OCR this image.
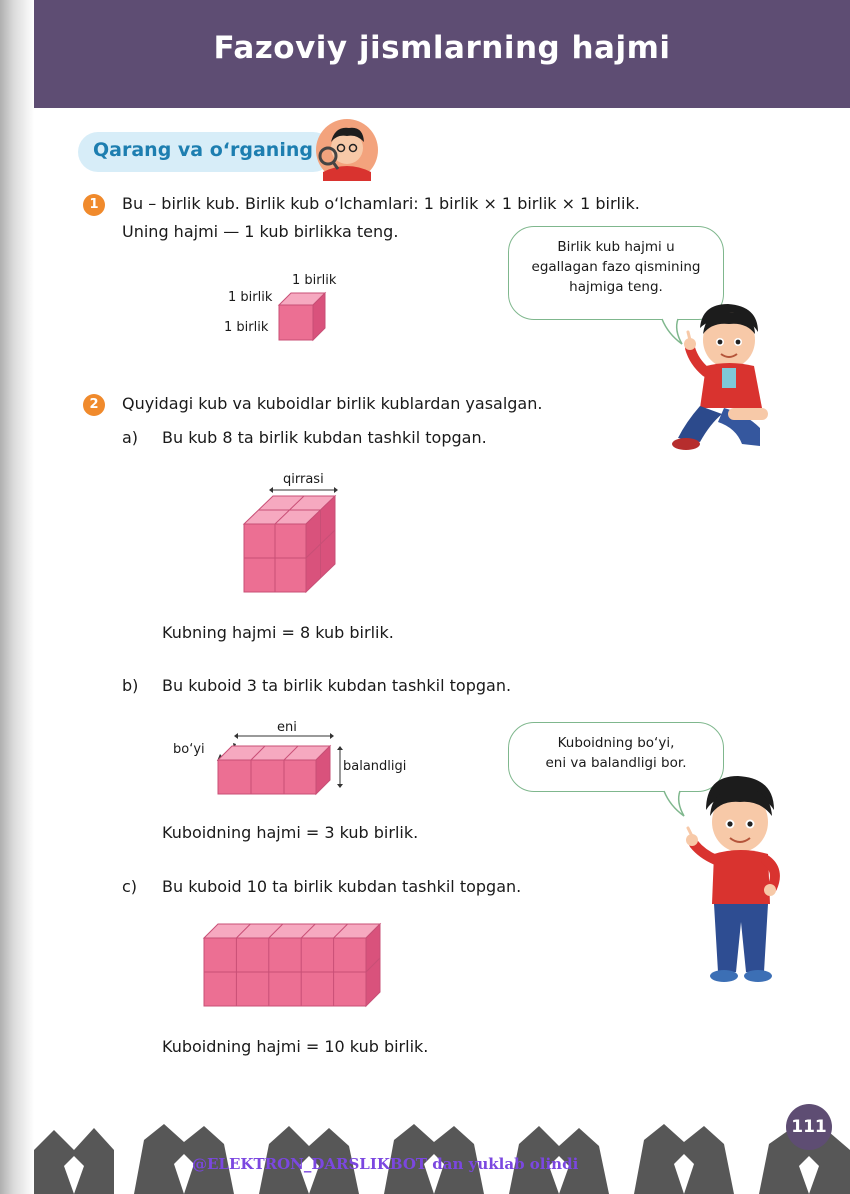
Fazoviy jismlarning hajmi
Qarang va o‘rganing
1	Bu – birlik kub. Birlik kub o‘lchamlari: 1 birlik × 1 birlik × 1 birlik.
Uning hajmi — 1 kub birlikka teng.
1 birlik
1 birlik
1 birlik
Birlik kub hajmi u
egallagan fazo qismining
hajmiga teng.
2	Quyidagi kub va kuboidlar birlik kublardan yasalgan.
a) Bu kub 8 ta birlik kubdan tashkil topgan.
qirrasi
Kubning hajmi = 8 kub birlik.
b) Bu kuboid 3 ta birlik kubdan tashkil topgan.
eni
bo‘yi
balandligi
Kuboidning hajmi = 3 kub birlik.
Kuboidning bo‘yi,
eni va balandligi bor.
c) Bu kuboid 10 ta birlik kubdan tashkil topgan.
Kuboidning hajmi = 10 kub birlik.
@ELEKTRON_DARSLIKBOT dan yuklab olindi
111
